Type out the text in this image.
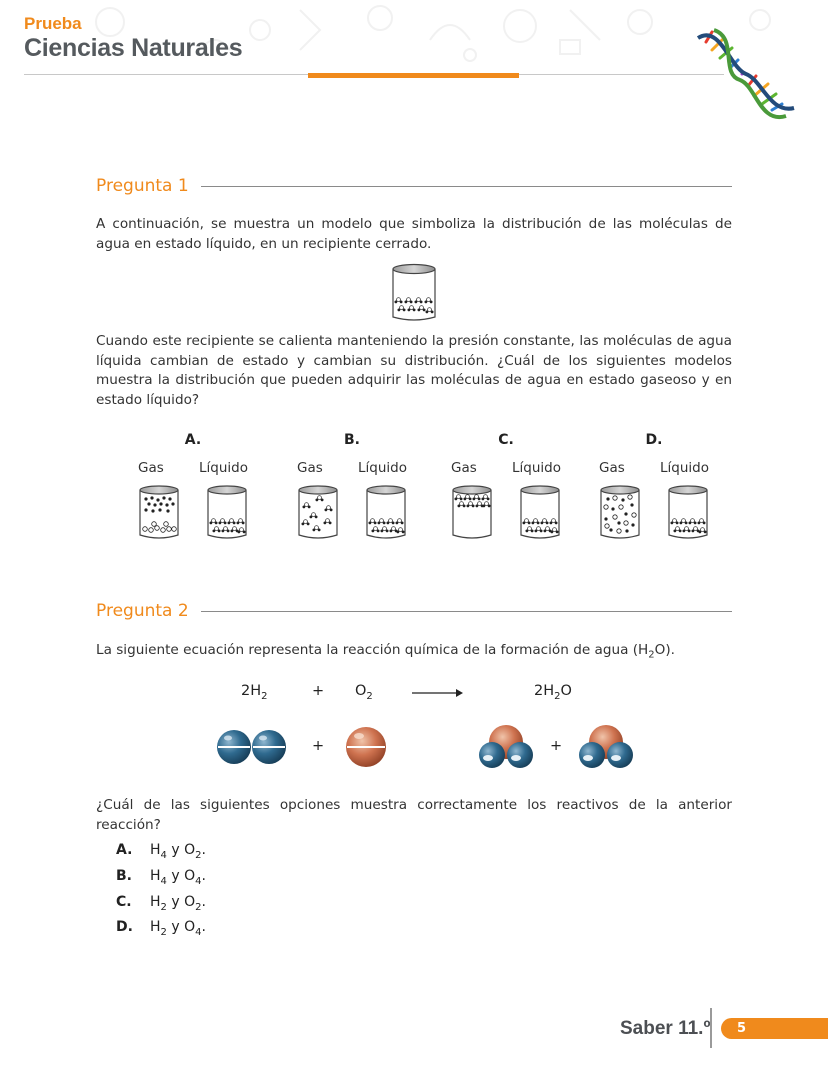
Prueba
Ciencias Naturales
Pregunta 1

A continuación, se muestra un modelo que simboliza la distribución de las moléculas de agua en estado líquido, en un recipiente cerrado.

Cuando este recipiente se calienta manteniendo la presión constante, las moléculas de agua líquida cambian de estado y cambian su distribución. ¿Cuál de los siguientes modelos muestra la distribución que pueden adquirir las moléculas de agua en estado gaseoso y en estado líquido?

A.
Gas	Líquido
B.
Gas	Líquido
C.
Gas	Líquido
D.
Gas	Líquido
Pregunta 2

La siguiente ecuación representa la reacción química de la formación de agua $(H_2O)$.

$2H_2$	+ $O_2$	$2H_2O$
+	+

¿Cuál de las siguientes opciones muestra correctamente los reactivos de la anterior reacción?

A.	$H_4$ y $O_2$.
B.	$H_4$ y $O_4$.
C.	$H_2$ y $O_2$.
D.	$H_2$ y $O_4$.
Saber 11.º	5
